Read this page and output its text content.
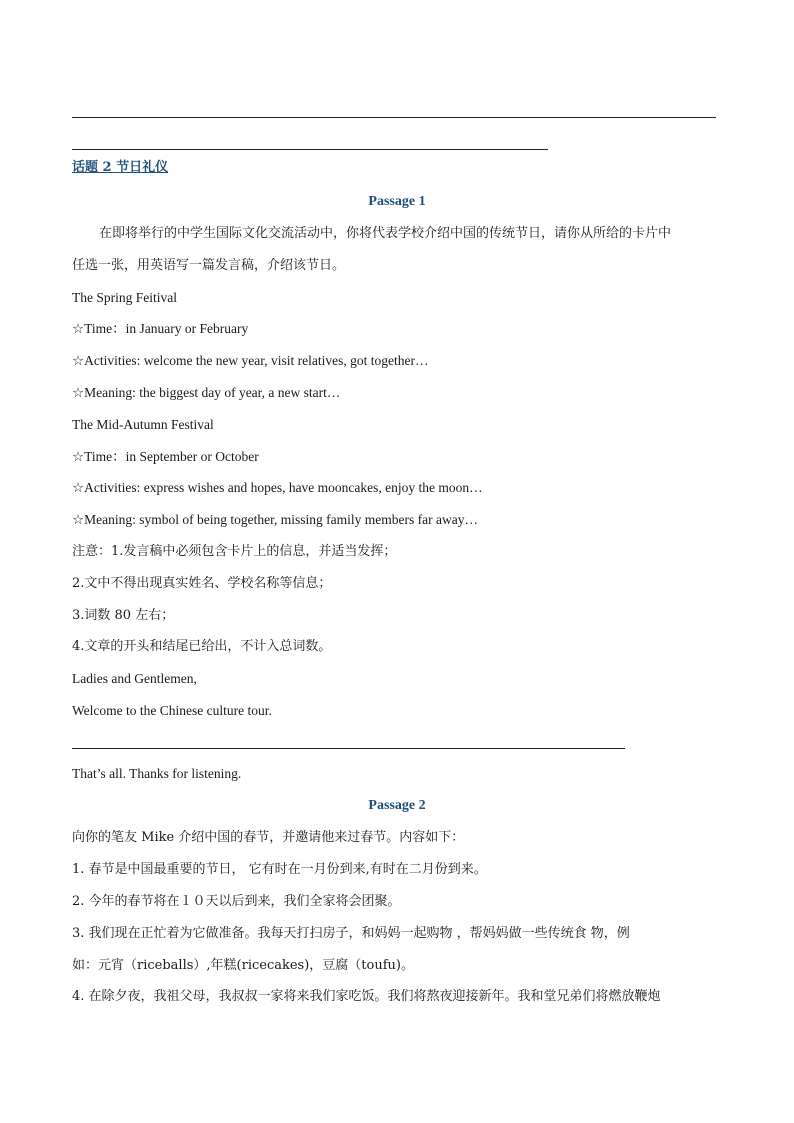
话题 2 节日礼仪
Passage 1
在即将举行的中学生国际文化交流活动中，你将代表学校介绍中国的传统节日，请你从所给的卡片中
任选一张，用英语写一篇发言稿，介绍该节日。
The Spring Feitival
☆Time：in January or February
☆Activities: welcome the new year, visit relatives, got together…
☆Meaning: the biggest day of year, a new start…
The Mid-Autumn Festival
☆Time：in September or October
☆Activities: express wishes and hopes, have mooncakes, enjoy the moon…
☆Meaning: symbol of being together, missing family members far away…
注意：1.发言稿中必须包含卡片上的信息，并适当发挥；
2.文中不得出现真实姓名、学校名称等信息；
3.词数 80 左右；
4.文章的开头和结尾已给出，不计入总词数。
Ladies and Gentlemen,
Welcome to the Chinese culture tour.
That’s all. Thanks for listening.
Passage 2
向你的笔友 Mike 介绍中国的春节，并邀请他来过春节。内容如下：
1. 春节是中国最重要的节日， 它有时在一月份到来,有时在二月份到来。
2. 今年的春节将在１０天以后到来，我们全家将会团聚。
3. 我们现在正忙着为它做准备。我每天打扫房子，和妈妈一起购物 ，帮妈妈做一些传统食 物，例
如：元宵（riceballs）,年糕(ricecakes)，豆腐（toufu)。
4. 在除夕夜，我祖父母，我叔叔一家将来我们家吃饭。我们将熬夜迎接新年。我和堂兄弟们将燃放鞭炮
